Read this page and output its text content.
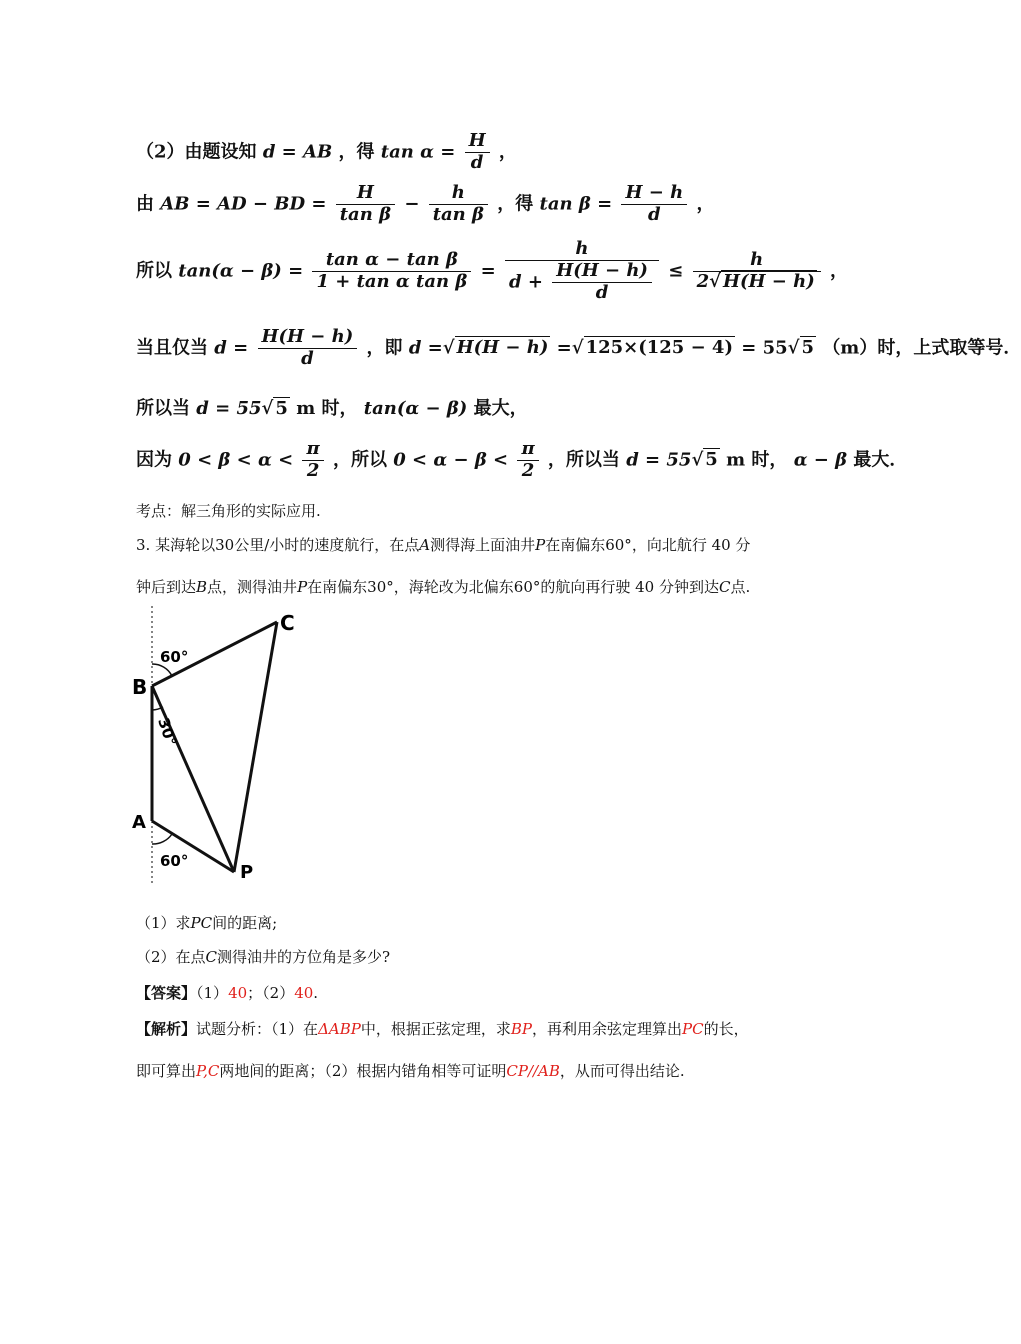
（2）由题设知 d = AB ，得 $\tan \alpha = \frac{H}{d}$ ，
由 AB = AD − BD = $\frac{H}{\text{tan β}} - \frac{h}{\text{tan β}}$ ，得 $\tan \beta = \frac{H - h}{d}$ ，
所以 $\tan(\alpha - \beta) = \frac{\text{tan α − tan β}}{\text{1 + tan α tan β}} = \frac{h}{d + \frac{H(H - h)}{d}} \le \frac{h}{2√ H(H - h)}$ ，
当且仅当 $d = \frac{H(H - h)}{d}$ ，即 d =√ H(H − h) =√ 125×(125 − 4) = 55√ 5 （m）时，上式取等号．
所以当 d = 55√ 5 m 时， tan(α − β) 最大，
因为 $0 < \beta < \alpha < \frac{\pi}{2}$ ，所以 $0 < \alpha - \beta < \frac{\pi}{2}$ ，所以当 d = 55√ 5 m 时， α − β 最大．
考点：解三角形的实际应用.
3. 某海轮以30公里/小时的速度航行，在点A测得海上面油井P在南偏东60°，向北航行 40 分
钟后到达B点，测得油井P在南偏东30°，海轮改为北偏东60°的航向再行驶 40 分钟到达C点.
C
B
A
P
60°
30°
60°
（1）求PC间的距离;
（2）在点C测得油井的方位角是多少?
【答案】（1）40；（2）40.
【解析】试题分析：（1）在ΔABP中，根据正弦定理，求BP，再利用余弦定理算出PC的长，
即可算出P,C两地间的距离；（2）根据内错角相等可证明CP//AB，从而可得出结论.
